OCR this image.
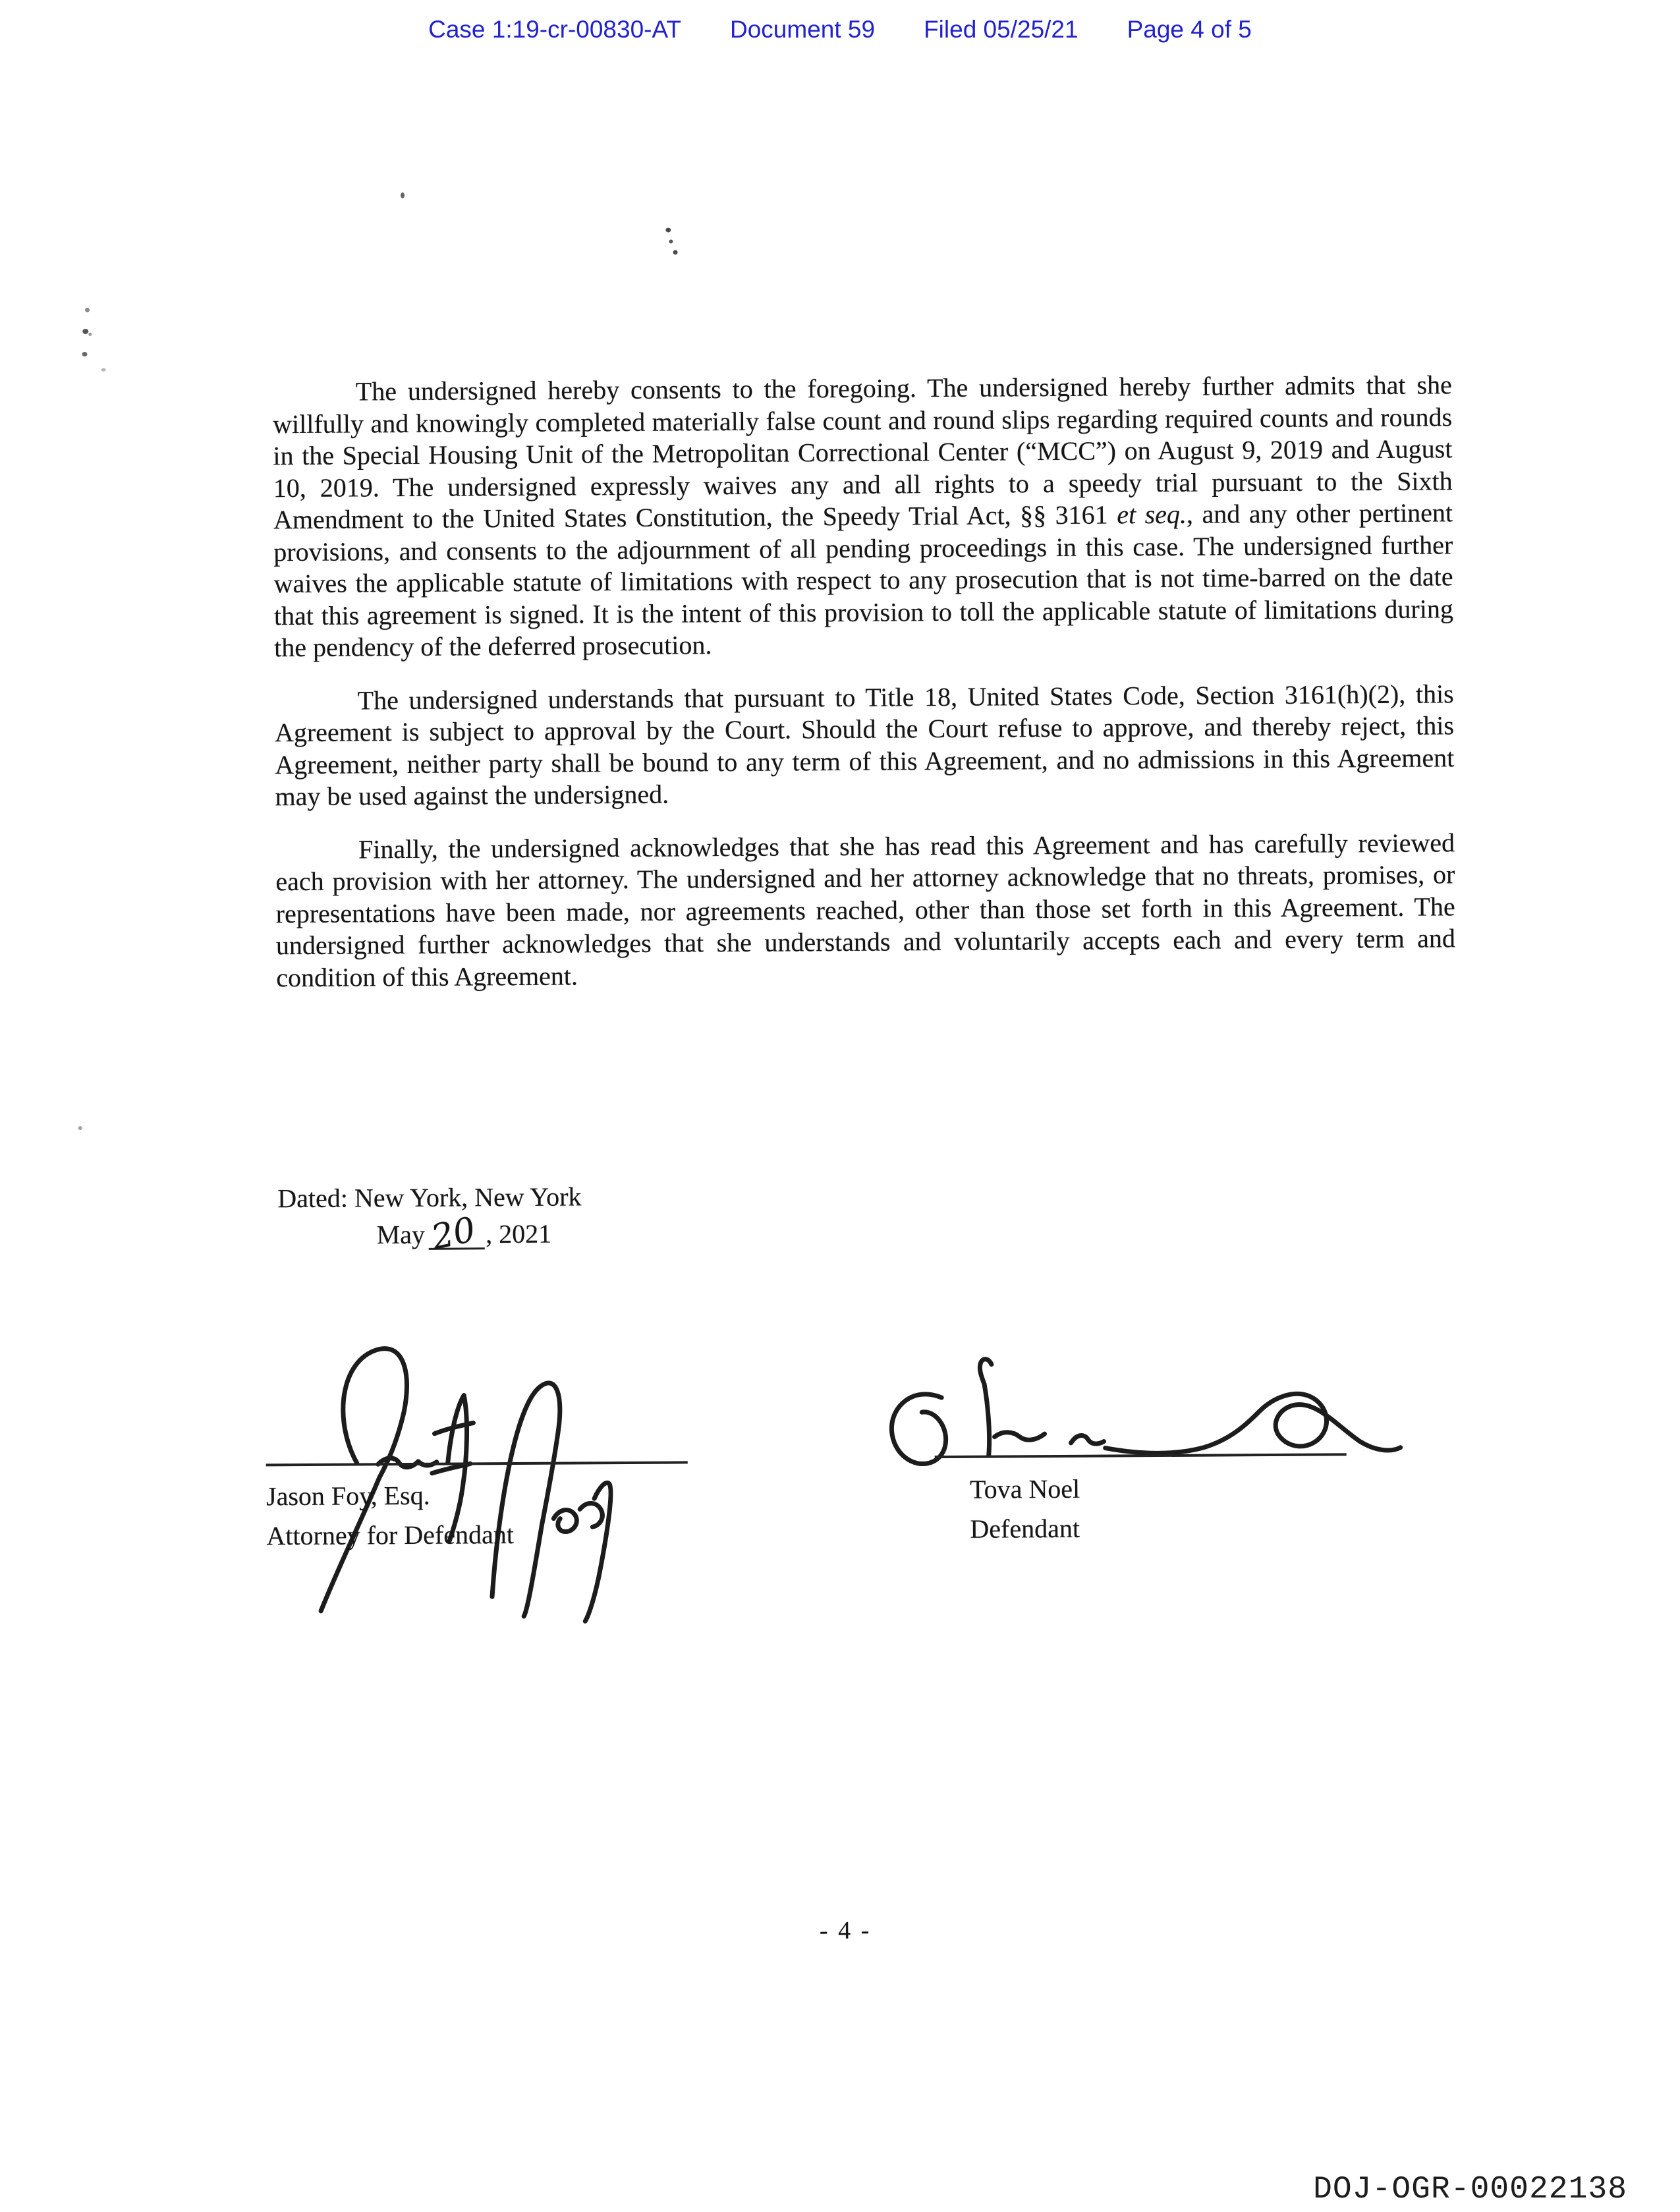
Case 1:19-cr-00830-AT Document 59 Filed 05/25/21 Page 4 of 5

The undersigned hereby consents to the foregoing. The undersigned hereby further admits that she willfully and knowingly completed materially false count and round slips regarding required counts and rounds in the Special Housing Unit of the Metropolitan Correctional Center (“MCC”) on August 9, 2019 and August 10, 2019. The undersigned expressly waives any and all rights to a speedy trial pursuant to the Sixth Amendment to the United States Constitution, the Speedy Trial Act, §§ 3161 et seq., and any other pertinent provisions, and consents to the adjournment of all pending proceedings in this case. The undersigned further waives the applicable statute of limitations with respect to any prosecution that is not time-barred on the date that this agreement is signed. It is the intent of this provision to toll the applicable statute of limitations during the pendency of the deferred prosecution.

The undersigned understands that pursuant to Title 18, United States Code, Section 3161(h)(2), this Agreement is subject to approval by the Court. Should the Court refuse to approve, and thereby reject, this Agreement, neither party shall be bound to any term of this Agreement, and no admissions in this Agreement may be used against the undersigned.

Finally, the undersigned acknowledges that she has read this Agreement and has carefully reviewed each provision with her attorney. The undersigned and her attorney acknowledge that no threats, promises, or representations have been made, nor agreements reached, other than those set forth in this Agreement. The undersigned further acknowledges that she understands and voluntarily accepts each and every term and condition of this Agreement.

Dated: New York, New York
May20 , 2021
Jason Foy, Esq.
Attorney for Defendant
Tova Noel
Defendant
- 4 -
DOJ-OGR-00022138
